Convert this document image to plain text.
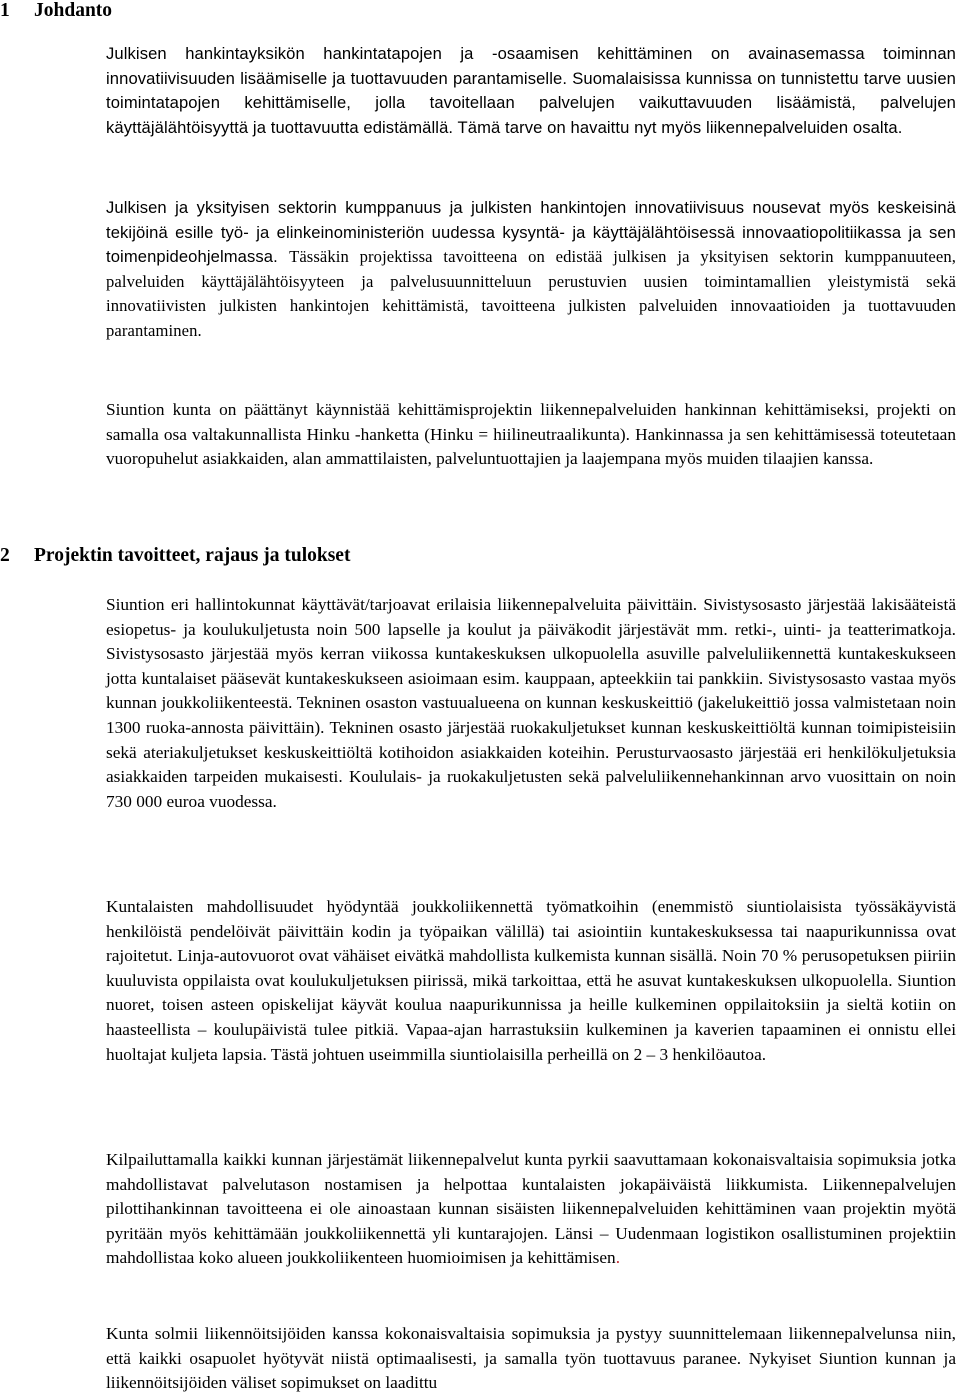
1 Johdanto

Julkisen hankintayksikön hankintatapojen ja -osaamisen kehittäminen on avainasemassa toiminnan innovatiivisuuden lisäämiselle ja tuottavuuden parantamiselle. Suomalaisissa kunnissa on tunnistettu tarve uusien toimintatapojen kehittämiselle, jolla tavoitellaan palvelujen vaikuttavuuden lisäämistä, palvelujen käyttäjälähtöisyyttä ja tuottavuutta edistämällä. Tämä tarve on havaittu nyt myös liikennepalveluiden osalta.

Julkisen ja yksityisen sektorin kumppanuus ja julkisten hankintojen innovatiivisuus nousevat myös keskeisinä tekijöinä esille työ- ja elinkeinoministeriön uudessa kysyntä- ja käyttäjälähtöisessä innovaatiopolitiikassa ja sen toimenpideohjelmassa. Tässäkin projektissa tavoitteena on edistää julkisen ja yksityisen sektorin kumppanuuteen, palveluiden käyttäjälähtöisyyteen ja palvelusuunnitteluun perustuvien uusien toimintamallien yleistymistä sekä innovatiivisten julkisten hankintojen kehittämistä, tavoitteena julkisten palveluiden innovaatioiden ja tuottavuuden parantaminen.

Siuntion kunta on päättänyt käynnistää kehittämisprojektin liikennepalveluiden hankinnan kehittämiseksi, projekti on samalla osa valtakunnallista Hinku -hanketta (Hinku = hiilineutraalikunta). Hankinnassa ja sen kehittämisessä toteutetaan vuoropuhelut asiakkaiden, alan ammattilaisten, palveluntuottajien ja laajempana myös muiden tilaajien kanssa.

2 Projektin tavoitteet, rajaus ja tulokset

Siuntion eri hallintokunnat käyttävät/tarjoavat erilaisia liikennepalveluita päivittäin. Sivistysosasto järjestää lakisääteistä esiopetus- ja koulukuljetusta noin 500 lapselle ja koulut ja päiväkodit järjestävät mm. retki-, uinti- ja teatterimatkoja. Sivistysosasto järjestää myös kerran viikossa kuntakeskuksen ulkopuolella asuville palveluliikennettä kuntakeskukseen jotta kuntalaiset pääsevät kuntakeskukseen asioimaan esim. kauppaan, apteekkiin tai pankkiin. Sivistysosasto vastaa myös kunnan joukkoliikenteestä. Tekninen osaston vastuualueena on kunnan keskuskeittiö (jakelukeittiö jossa valmistetaan noin 1300 ruoka-annosta päivittäin). Tekninen osasto järjestää ruokakuljetukset kunnan keskuskeittiöltä kunnan toimipisteisiin sekä ateriakuljetukset keskuskeittiöltä kotihoidon asiakkaiden koteihin. Perusturvaosasto järjestää eri henkilökuljetuksia asiakkaiden tarpeiden mukaisesti. Koululais- ja ruokakuljetusten sekä palveluliikennehankinnan arvo vuosittain on noin 730 000 euroa vuodessa.

Kuntalaisten mahdollisuudet hyödyntää joukkoliikennettä työmatkoihin (enemmistö siuntiolaisista työssäkäyvistä henkilöistä pendelöivät päivittäin kodin ja työpaikan välillä) tai asiointiin kuntakeskuksessa tai naapurikunnissa ovat rajoitetut. Linja-autovuorot ovat vähäiset eivätkä mahdollista kulkemista kunnan sisällä. Noin 70 % perusopetuksen piiriin kuuluvista oppilaista ovat koulukuljetuksen piirissä, mikä tarkoittaa, että he asuvat kuntakeskuksen ulkopuolella. Siuntion nuoret, toisen asteen opiskelijat käyvät koulua naapurikunnissa ja heille kulkeminen oppilaitoksiin ja sieltä kotiin on haasteellista – koulupäivistä tulee pitkiä. Vapaa-ajan harrastuksiin kulkeminen ja kaverien tapaaminen ei onnistu ellei huoltajat kuljeta lapsia. Tästä johtuen useimmilla siuntiolaisilla perheillä on 2 – 3 henkilöautoa.

Kilpailuttamalla kaikki kunnan järjestämät liikennepalvelut kunta pyrkii saavuttamaan kokonaisvaltaisia sopimuksia jotka mahdollistavat palvelutason nostamisen ja helpottaa kuntalaisten jokapäiväistä liikkumista. Liikennepalvelujen pilottihankinnan tavoitteena ei ole ainoastaan kunnan sisäisten liikennepalveluiden kehittäminen vaan projektin myötä pyritään myös kehittämään joukkoliikennettä yli kuntarajojen. Länsi – Uudenmaan logistikon osallistuminen projektiin mahdollistaa koko alueen joukkoliikenteen huomioimisen ja kehittämisen.

Kunta solmii liikennöitsijöiden kanssa kokonaisvaltaisia sopimuksia ja pystyy suunnittelemaan liikennepalvelunsa niin, että kaikki osapuolet hyötyvät niistä optimaalisesti, ja samalla työn tuottavuus paranee. Nykyiset Siuntion kunnan ja liikennöitsijöiden väliset sopimukset on laadittu
